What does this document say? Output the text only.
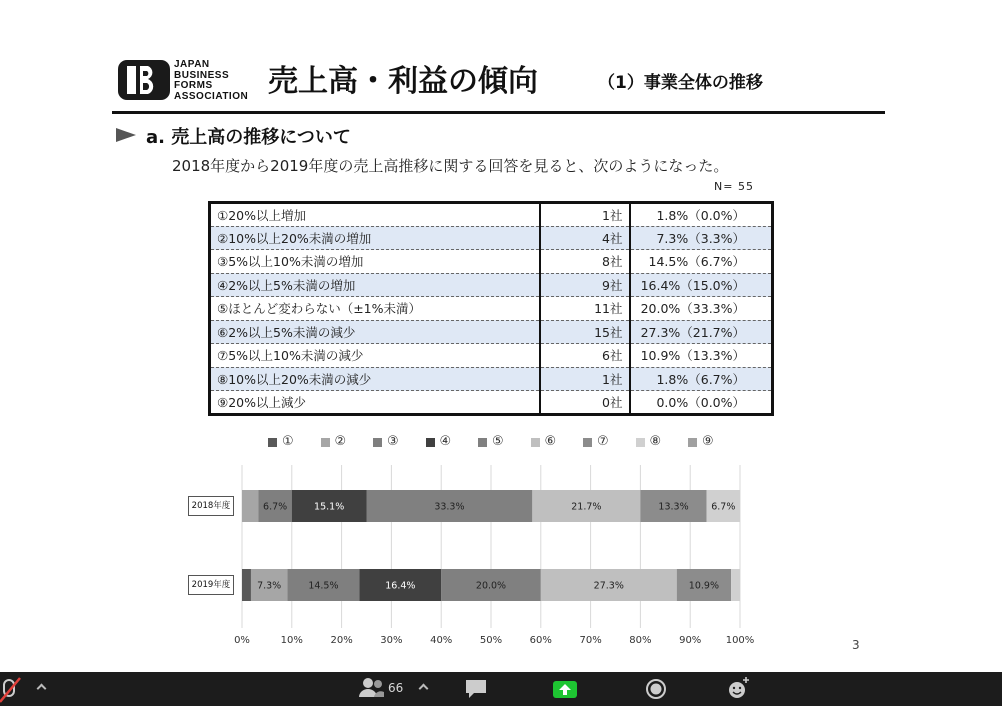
JAPAN
BUSINESS
FORMS
ASSOCIATION 売上高・利益の傾向	（1）事業全体の推移
a. 売上高の推移について
2018年度から2019年度の売上高推移に関する回答を見ると、次のようになった。
N= 55
①20%以上増加	1社	1.8%（0.0%）
②10%以上20%未満の増加	4社	7.3%（3.3%）
③5%以上10%未満の増加	8社	14.5%（6.7%）
④2%以上5%未満の増加	9社	16.4%（15.0%）
⑤ほとんど変わらない（±1%未満）	11社	20.0%（33.3%）
⑥2%以上5%未満の減少	15社	27.3%（21.7%）
⑦5%以上10%未満の減少	6社	10.9%（13.3%）
⑧10%以上20%未満の減少	1社	1.8%（6.7%）
⑨20%以上減少	0社	0.0%（0.0%）
①	②	③	④	⑤	⑥	⑦	⑧	⑨
0%	10%	20%	30%	40%	50%	60%	70%	80%	90% 100%
6.7%	15.1%	33.3%	21.7%	13.3% 6.7%
7.3%	14.5%	16.4%	20.0%	27.3%	10.9%
2018年度
2019年度
3
66
